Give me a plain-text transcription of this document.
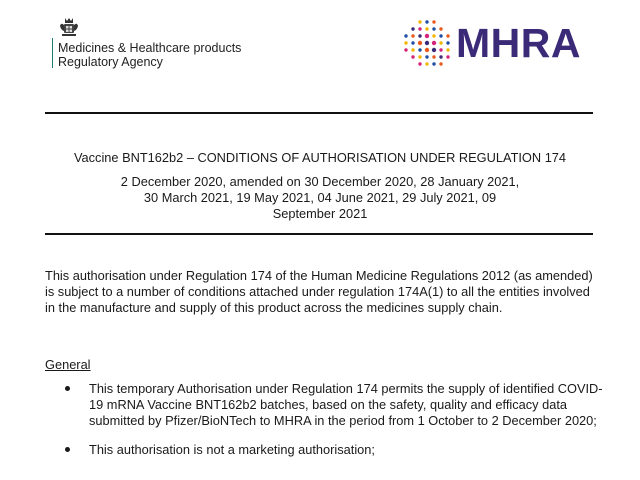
Medicines & Healthcare products
Regulatory Agency	MHRA
Vaccine BNT162b2 – CONDITIONS OF AUTHORISATION UNDER REGULATION 174
2 December 2020, amended on 30 December 2020, 28 January 2021, 30 March 2021, 19 May 2021, 04 June 2021, 29 July 2021, 09 September 2021
This authorisation under Regulation 174 of the Human Medicine Regulations 2012 (as amended) is subject to a number of conditions attached under regulation 174A(1) to all the entities involved in the manufacture and supply of this product across the medicines supply chain.
General
This temporary Authorisation under Regulation 174 permits the supply of identified COVID-19 mRNA Vaccine BNT162b2 batches, based on the safety, quality and efficacy data submitted by Pfizer/BioNTech to MHRA in the period from 1 October to 2 December 2020;
This authorisation is not a marketing authorisation;
